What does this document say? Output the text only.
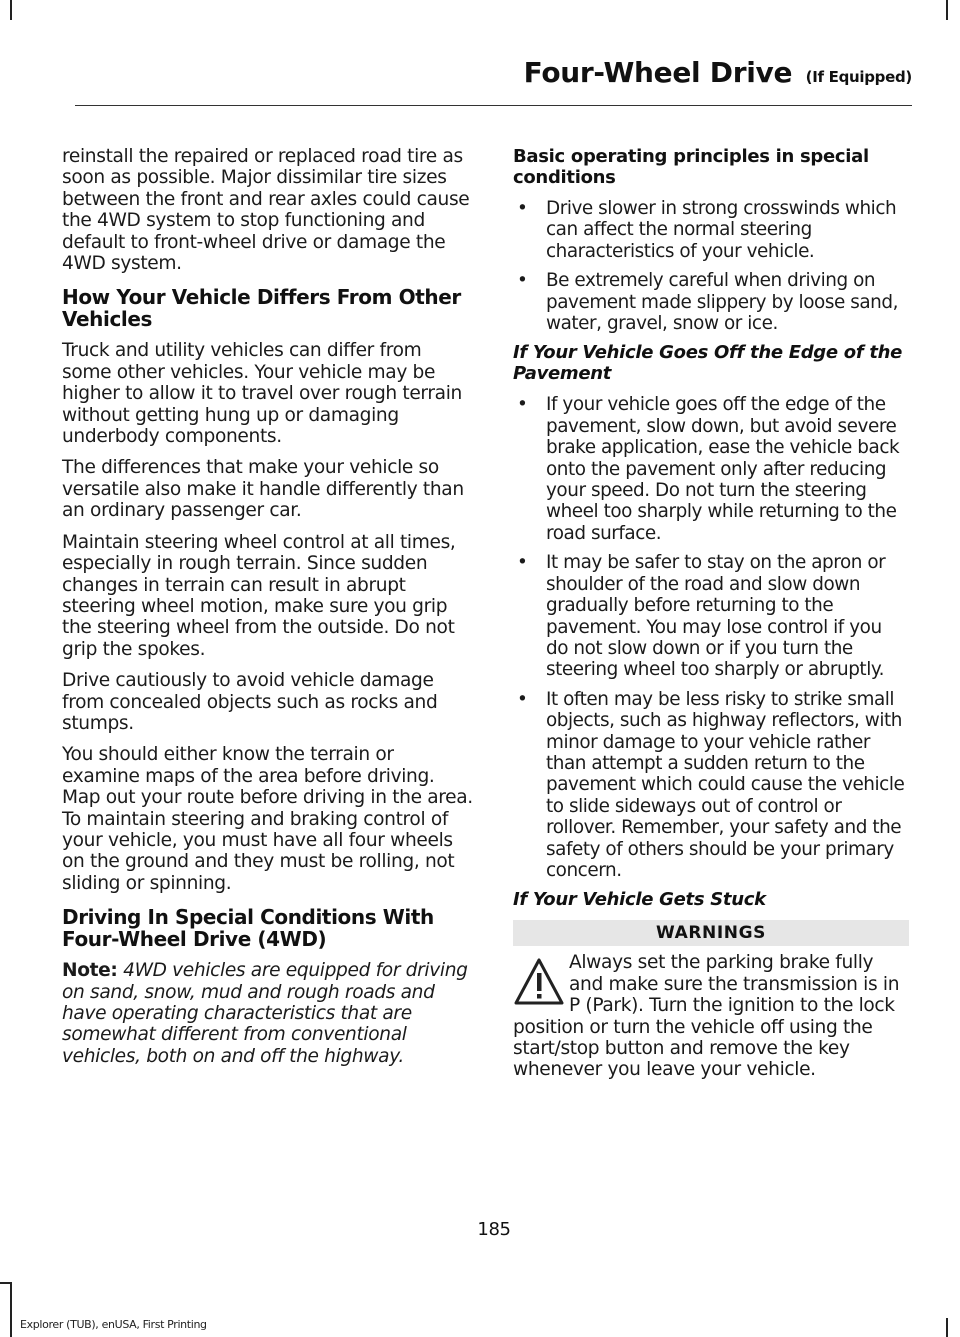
Four-Wheel Drive (If Equipped)

reinstall the repaired or replaced road tire as soon as possible. Major dissimilar tire sizes between the front and rear axles could cause the 4WD system to stop functioning and default to front-wheel drive or damage the 4WD system.

How Your Vehicle Differs From Other Vehicles

Truck and utility vehicles can differ from some other vehicles. Your vehicle may be higher to allow it to travel over rough terrain without getting hung up or damaging underbody components.

The differences that make your vehicle so versatile also make it handle differently than an ordinary passenger car.

Maintain steering wheel control at all times, especially in rough terrain. Since sudden changes in terrain can result in abrupt steering wheel motion, make sure you grip the steering wheel from the outside. Do not grip the spokes.

Drive cautiously to avoid vehicle damage from concealed objects such as rocks and stumps.

You should either know the terrain or examine maps of the area before driving. Map out your route before driving in the area. To maintain steering and braking control of your vehicle, you must have all four wheels on the ground and they must be rolling, not sliding or spinning.

Driving In Special Conditions With Four-Wheel Drive (4WD)

Note: 4WD vehicles are equipped for driving on sand, snow, mud and rough roads and have operating characteristics that are somewhat different from conventional vehicles, both on and off the highway.

Basic operating principles in special conditions
• Drive slower in strong crosswinds which can affect the normal steering characteristics of your vehicle.
• Be extremely careful when driving on pavement made slippery by loose sand, water, gravel, snow or ice.
If Your Vehicle Goes Off the Edge of the Pavement
• If your vehicle goes off the edge of the pavement, slow down, but avoid severe brake application, ease the vehicle back onto the pavement only after reducing your speed. Do not turn the steering wheel too sharply while returning to the road surface.
• It may be safer to stay on the apron or shoulder of the road and slow down gradually before returning to the pavement. You may lose control if you do not slow down or if you turn the steering wheel too sharply or abruptly.
• It often may be less risky to strike small objects, such as highway reflectors, with minor damage to your vehicle rather than attempt a sudden return to the pavement which could cause the vehicle to slide sideways out of control or rollover. Remember, your safety and the safety of others should be your primary concern.
If Your Vehicle Gets Stuck
WARNINGS
Always set the parking brake fully and make sure the transmission is in P (Park). Turn the ignition to the lock position or turn the vehicle off using the start/stop button and remove the key whenever you leave your vehicle.

185

Explorer (TUB), enUSA, First Printing
